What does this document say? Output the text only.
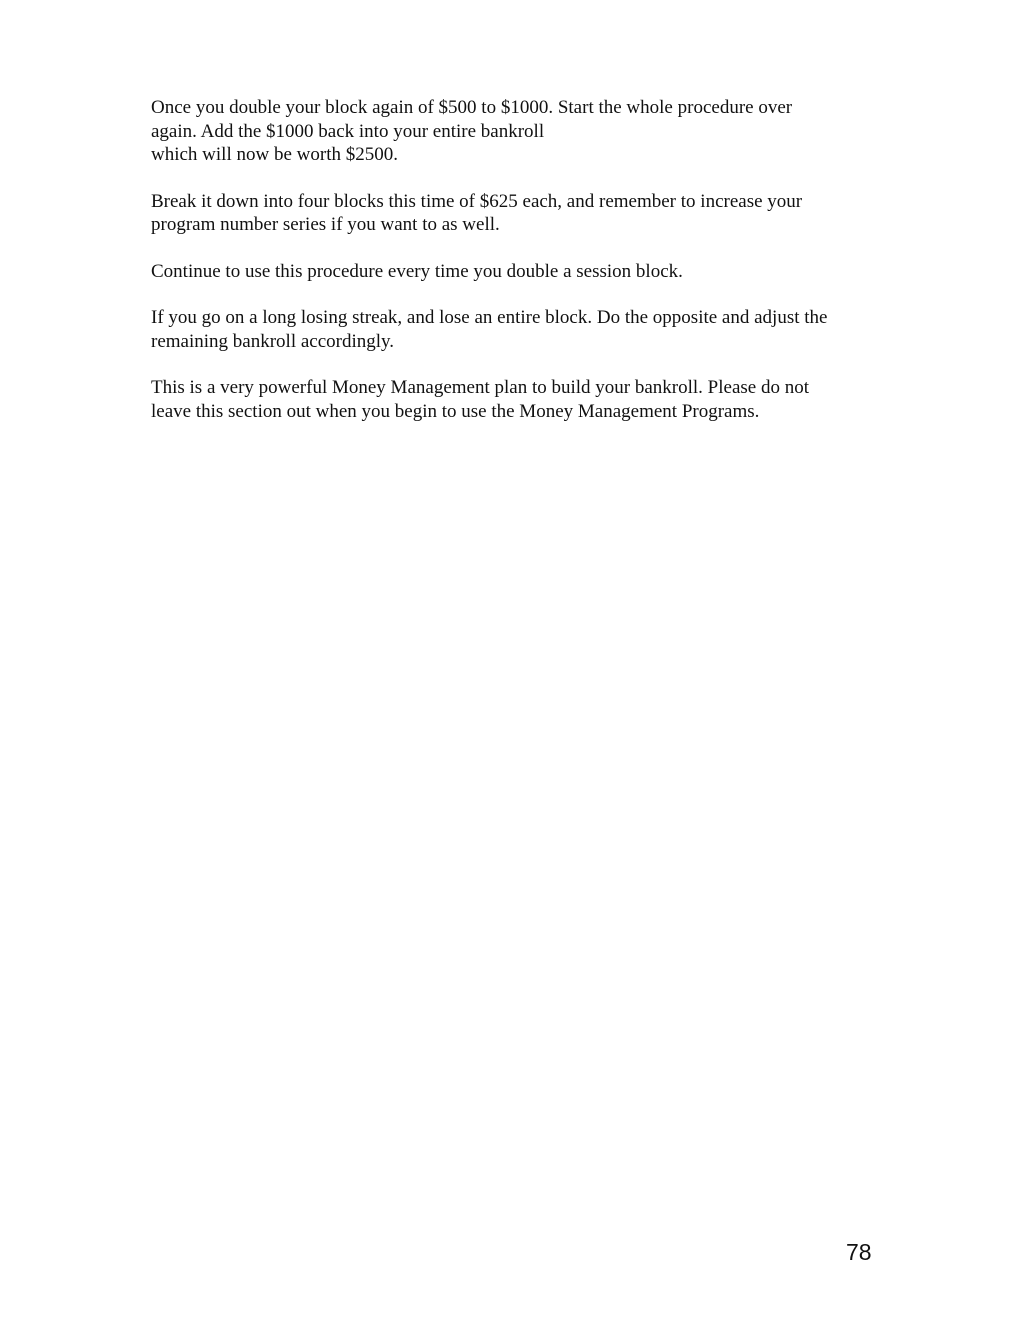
Once you double your block again of $500 to $1000. Start the whole procedure over
again. Add the $1000 back into your entire bankroll
which will now be worth $2500.

Break it down into four blocks this time of $625 each, and remember to increase your
program number series if you want to as well.

Continue to use this procedure every time you double a session block.

If you go on a long losing streak, and lose an entire block. Do the opposite and adjust the
remaining bankroll accordingly.

This is a very powerful Money Management plan to build your bankroll. Please do not
leave this section out when you begin to use the Money Management Programs.

78
